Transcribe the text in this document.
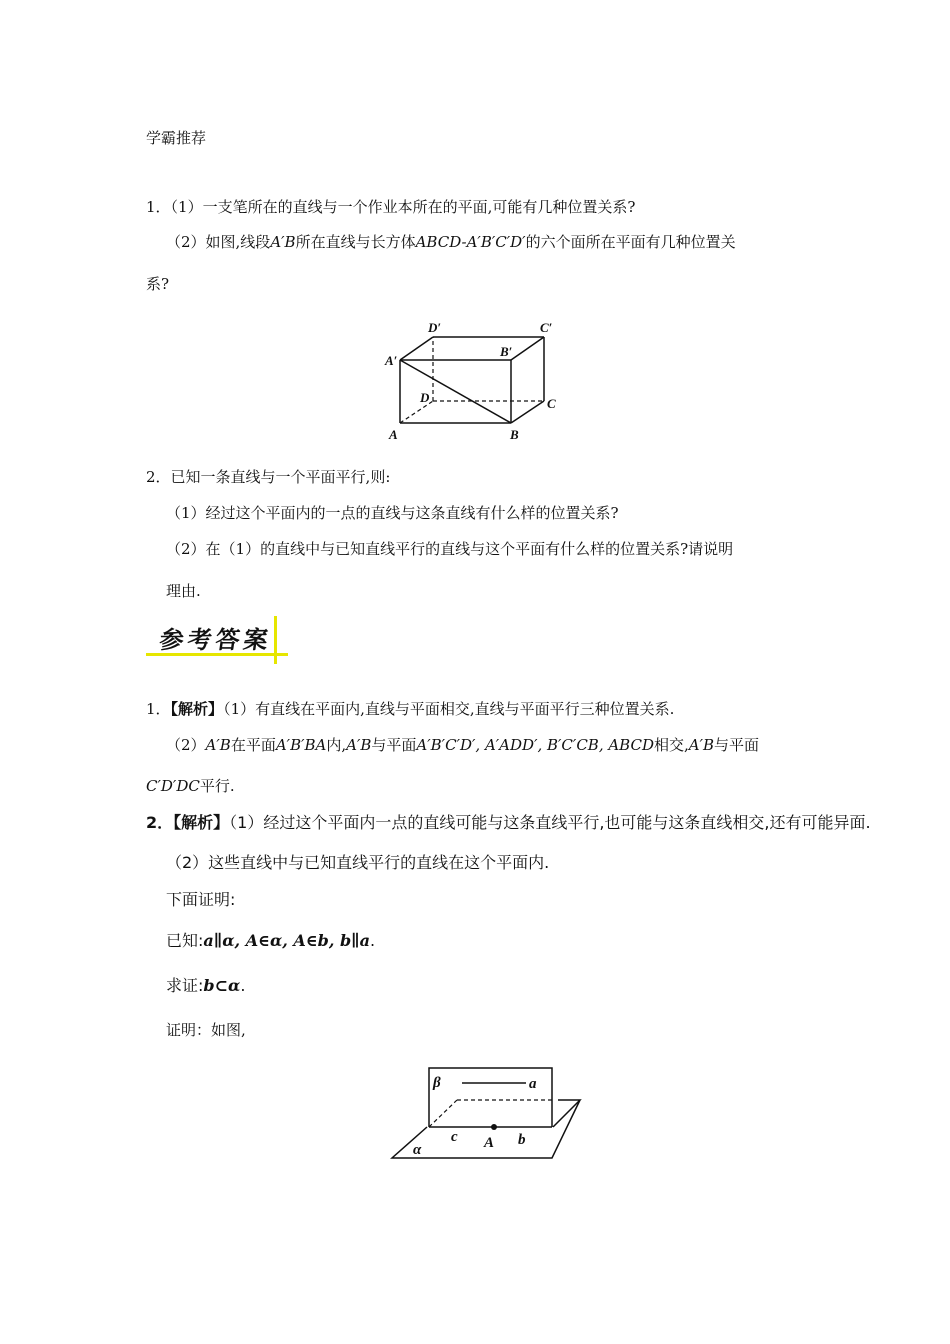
学霸推荐
1．（1）一支笔所在的直线与一个作业本所在的平面,可能有几种位置关系?
（2）如图,线段A′B所在直线与长方体ABCD-A′B′C′D′的六个面所在平面有几种位置关
系?
A	B
C
D
A′
B′
C′
D′
2．已知一条直线与一个平面平行,则:
（1）经过这个平面内的一点的直线与这条直线有什么样的位置关系?
（2）在（1）的直线中与已知直线平行的直线与这个平面有什么样的位置关系?请说明
理由.
参考答案
1．【解析】（1）有直线在平面内,直线与平面相交,直线与平面平行三种位置关系.
（2）A′B在平面A′B′BA内,A′B与平面A′B′C′D′, A′ADD′, B′C′CB, ABCD相交,A′B与平面
C′D′DC平行.
2．【解析】（1）经过这个平面内一点的直线可能与这条直线平行,也可能与这条直线相交,还有可能异面.
（2）这些直线中与已知直线平行的直线在这个平面内.
下面证明:
已知:a∥α, A∈α, A∈b, b∥a.
求证:b⊂α.
证明：如图,
β	a
c A b
α
